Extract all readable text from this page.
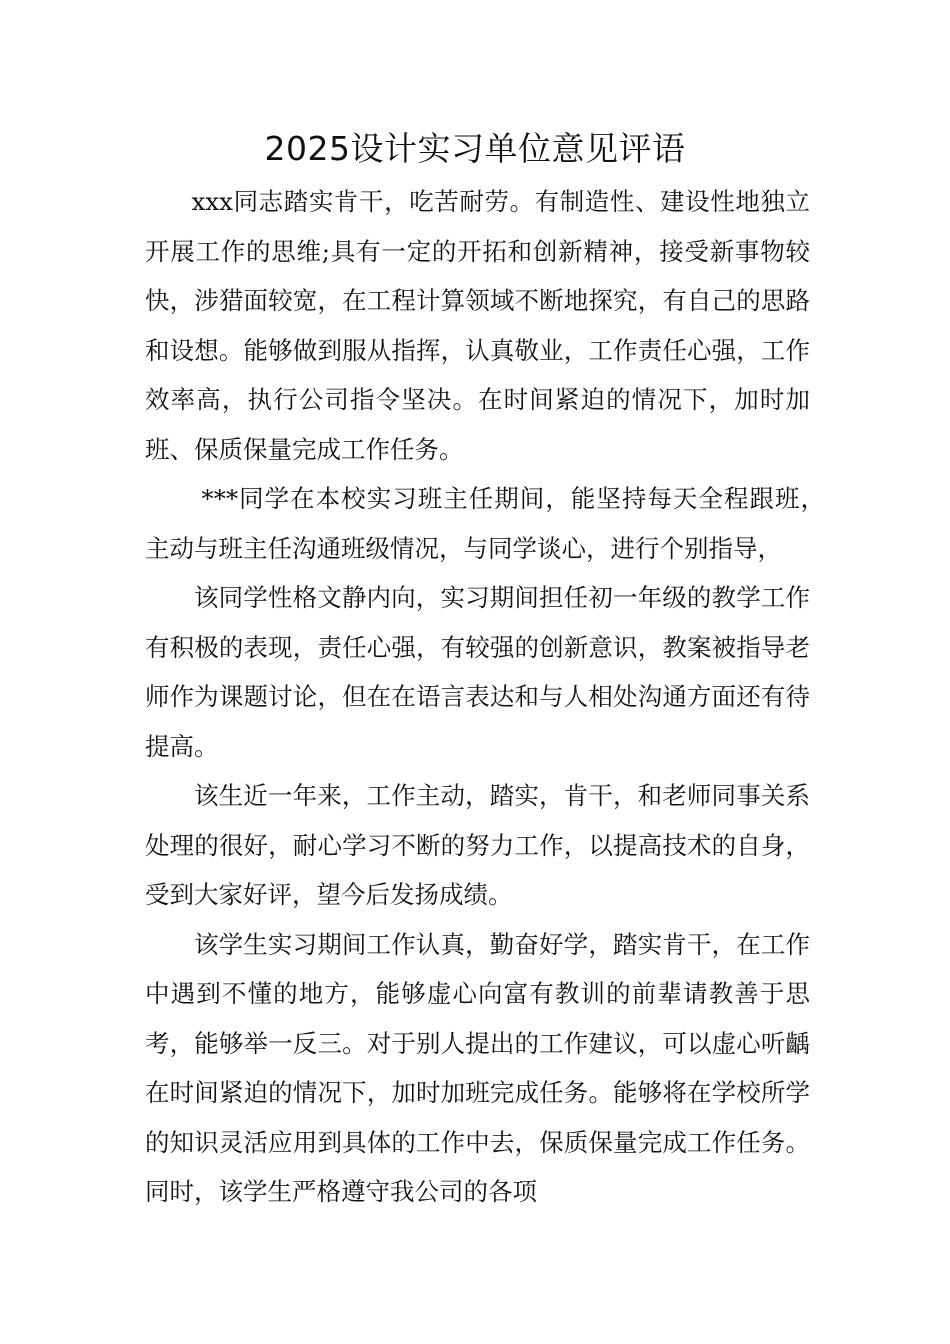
2025设计实习单位意见评语

xxx同志踏实肯干，吃苦耐劳。有制造性、建设性地独立开展工作的思维;具有一定的开拓和创新精神，接受新事物较快，涉猎面较宽，在工程计算领域不断地探究，有自己的思路和设想。能够做到服从指挥，认真敬业，工作责任心强，工作效率高，执行公司指令坚决。在时间紧迫的情况下，加时加班、保质保量完成工作任务。

***同学在本校实习班主任期间，能坚持每天全程跟班，主动与班主任沟通班级情况，与同学谈心，进行个别指导，

该同学性格文静内向，实习期间担任初一年级的教学工作有积极的表现，责任心强，有较强的创新意识，教案被指导老师作为课题讨论，但在在语言表达和与人相处沟通方面还有待提高。

该生近一年来，工作主动，踏实，肯干，和老师同事关系处理的很好，耐心学习不断的努力工作，以提高技术的自身，受到大家好评，望今后发扬成绩。

该学生实习期间工作认真，勤奋好学，踏实肯干，在工作中遇到不懂的地方，能够虚心向富有教训的前辈请教善于思考，能够举一反三。对于别人提出的工作建议，可以虚心听齲在时间紧迫的情况下，加时加班完成任务。能够将在学校所学的知识灵活应用到具体的工作中去，保质保量完成工作任务。同时，该学生严格遵守我公司的各项
